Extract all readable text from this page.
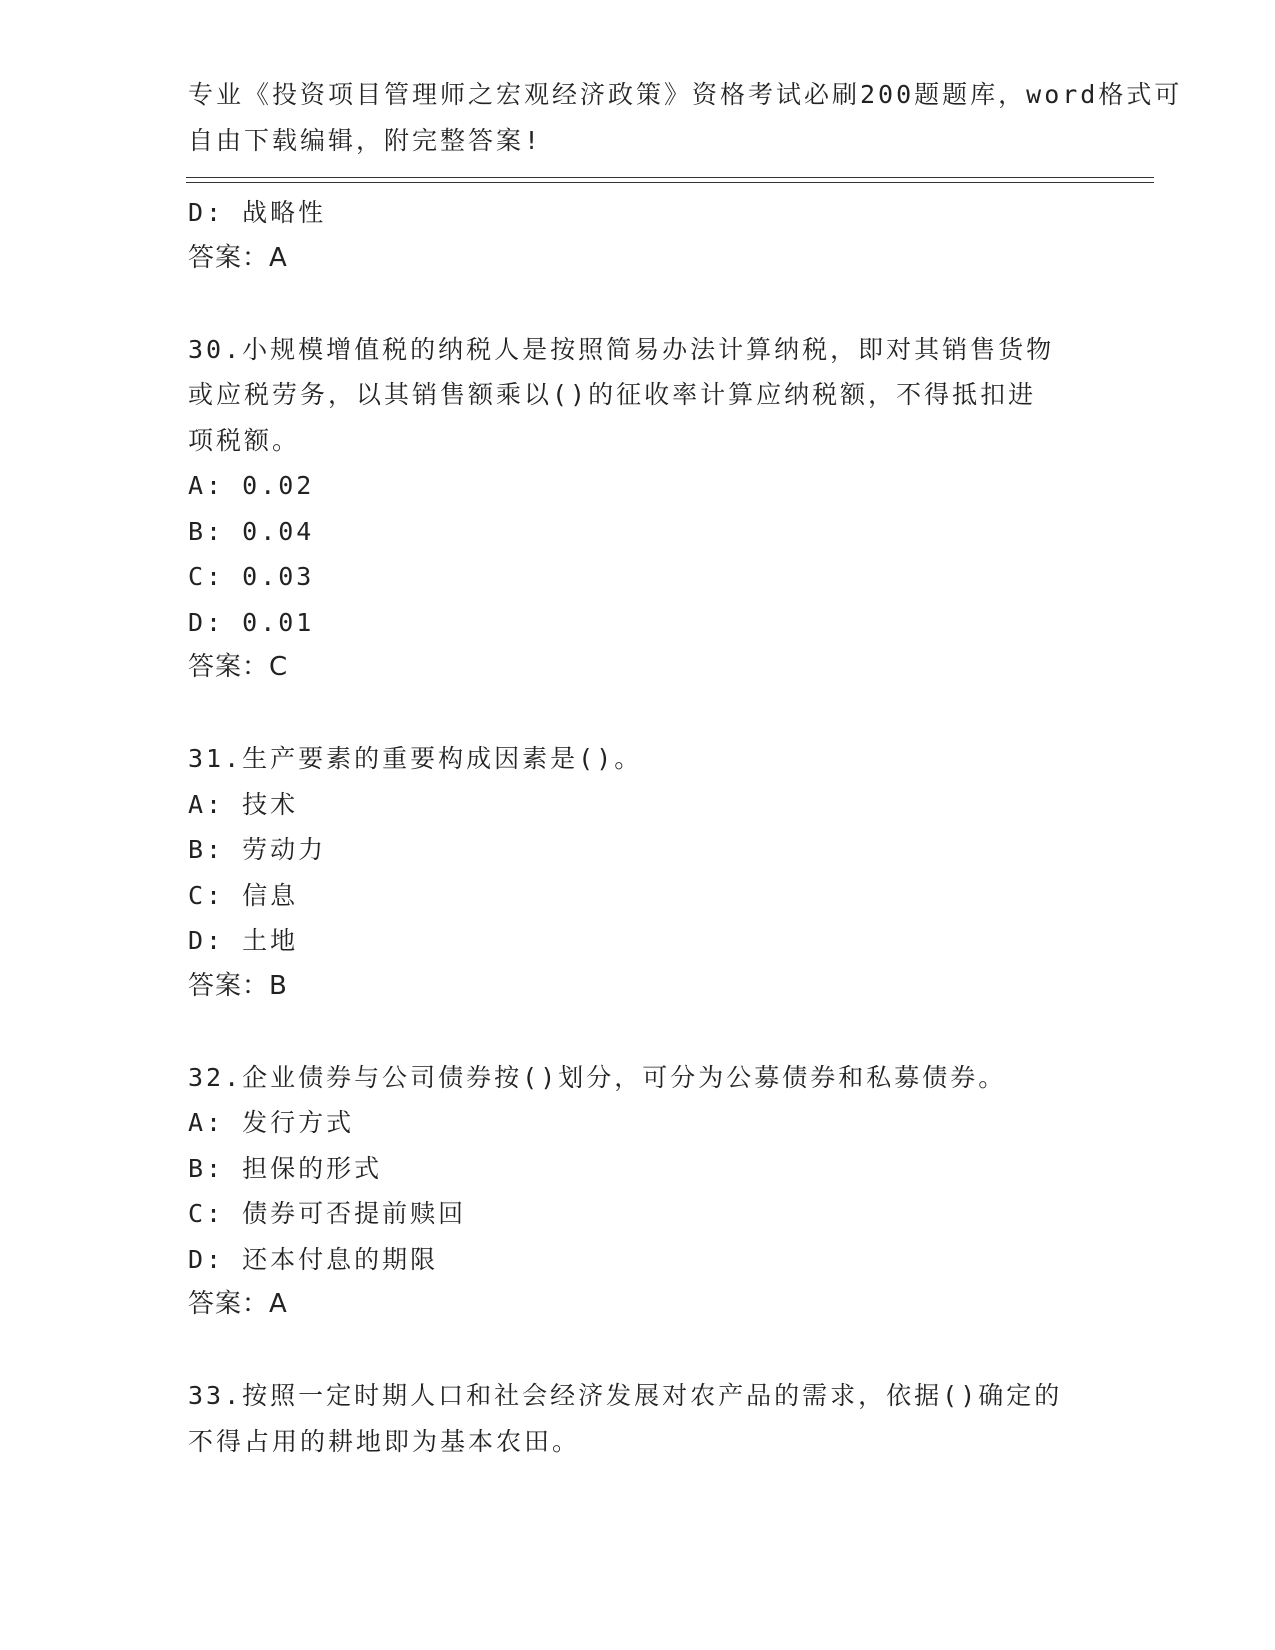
专业《投资项目管理师之宏观经济政策》资格考试必刷200题题库，word格式可
自由下载编辑，附完整答案!
D: 战略性
答案：A
30.小规模增值税的纳税人是按照简易办法计算纳税，即对其销售货物
或应税劳务，以其销售额乘以()的征收率计算应纳税额，不得抵扣进
项税额。
A: 0.02
B: 0.04
C: 0.03
D: 0.01
答案：C
31.生产要素的重要构成因素是()。
A: 技术
B: 劳动力
C: 信息
D: 土地
答案：B
32.企业债券与公司债券按()划分，可分为公募债券和私募债券。
A: 发行方式
B: 担保的形式
C: 债券可否提前赎回
D: 还本付息的期限
答案：A
33.按照一定时期人口和社会经济发展对农产品的需求，依据()确定的
不得占用的耕地即为基本农田。
